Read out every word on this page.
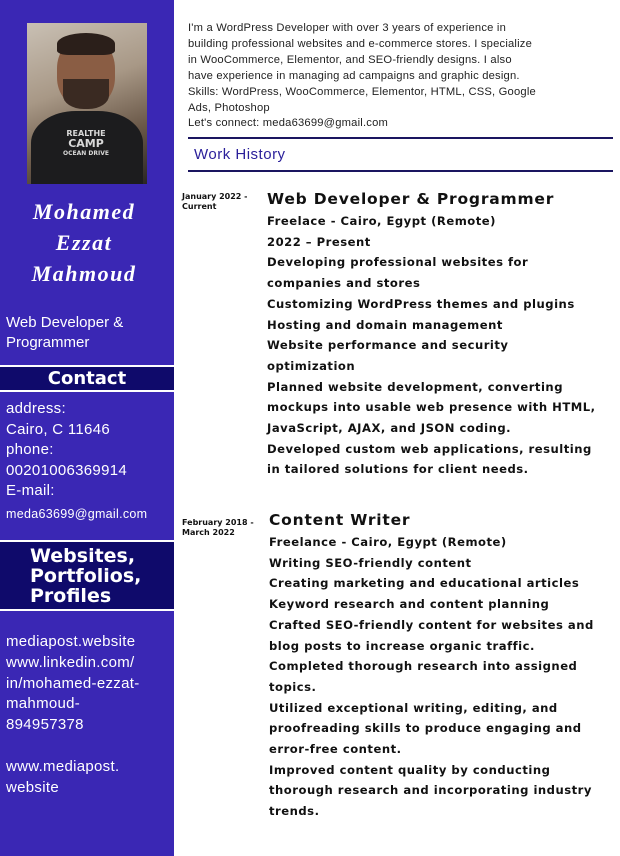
REALTHE
CAMP
OCEAN DRIVE
Mohamed
Ezzat
Mahmoud
Web Developer &
Programmer
Contact
address:
Cairo, C 11646
phone:
00201006369914
E-mail:
meda63699@gmail.com
Websites,
Portfolios,
Profiles
mediapost.website
www.linkedin.com/
in/mohamed-ezzat-
mahmoud-
894957378

www.mediapost.
website
I'm a WordPress Developer with over 3 years of experience in
building professional websites and e-commerce stores. I specialize
in WooCommerce, Elementor, and SEO-friendly designs. I also
have experience in managing ad campaigns and graphic design.
Skills: WordPress, WooCommerce, Elementor, HTML, CSS, Google
Ads, Photoshop
Let's connect: meda63699@gmail.com
Work History
January 2022 -
Current	Web Developer & Programmer
Freelace - Cairo, Egypt (Remote)
2022 – Present
Developing professional websites for
companies and stores
Customizing WordPress themes and plugins
Hosting and domain management
Website performance and security
optimization
Planned website development, converting
mockups into usable web presence with HTML,
JavaScript, AJAX, and JSON coding.
Developed custom web applications, resulting
in tailored solutions for client needs.
February 2018 -
March 2022
Content Writer
Freelance - Cairo, Egypt (Remote)
Writing SEO-friendly content
Creating marketing and educational articles
Keyword research and content planning
Crafted SEO-friendly content for websites and
blog posts to increase organic traffic.
Completed thorough research into assigned
topics.
Utilized exceptional writing, editing, and
proofreading skills to produce engaging and
error-free content.
Improved content quality by conducting
thorough research and incorporating industry
trends.
